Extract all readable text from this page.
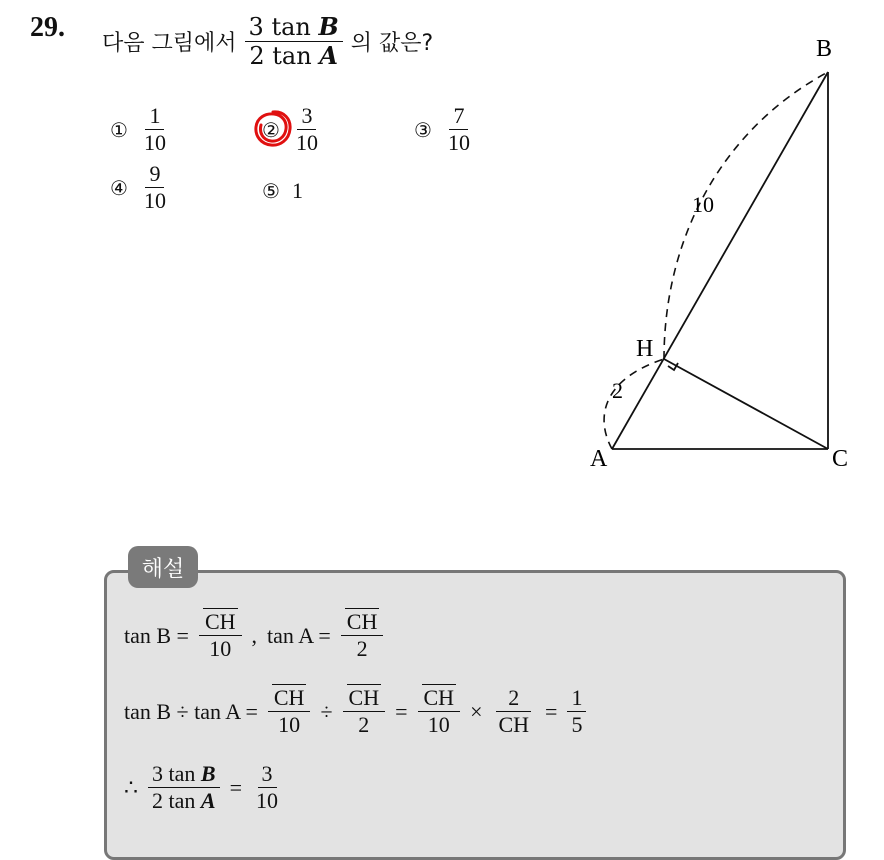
29.
다음 그림에서 $\frac{\text{3 tan B}}{\text{2 tan A}}$ 의 값은?
① $\frac{1}{10}$	② $\frac{3}{10}$	③ $\frac{7}{10}$
④ $\frac{9}{10}$	⑤ 1
B
A	C
H
10
2
해설
$\tan B = \frac{CH}{10}$ , $\tan A = \frac{CH}{2}$
$\tan B \div \tan A = \frac{CH}{10} \div \frac{CH}{2} = \frac{CH}{10} \times \frac{2}{CH} = \frac{1}{5}$
∴ $\frac{\text{3 tan B}}{\text{2 tan A}} = \frac{3}{10}$
